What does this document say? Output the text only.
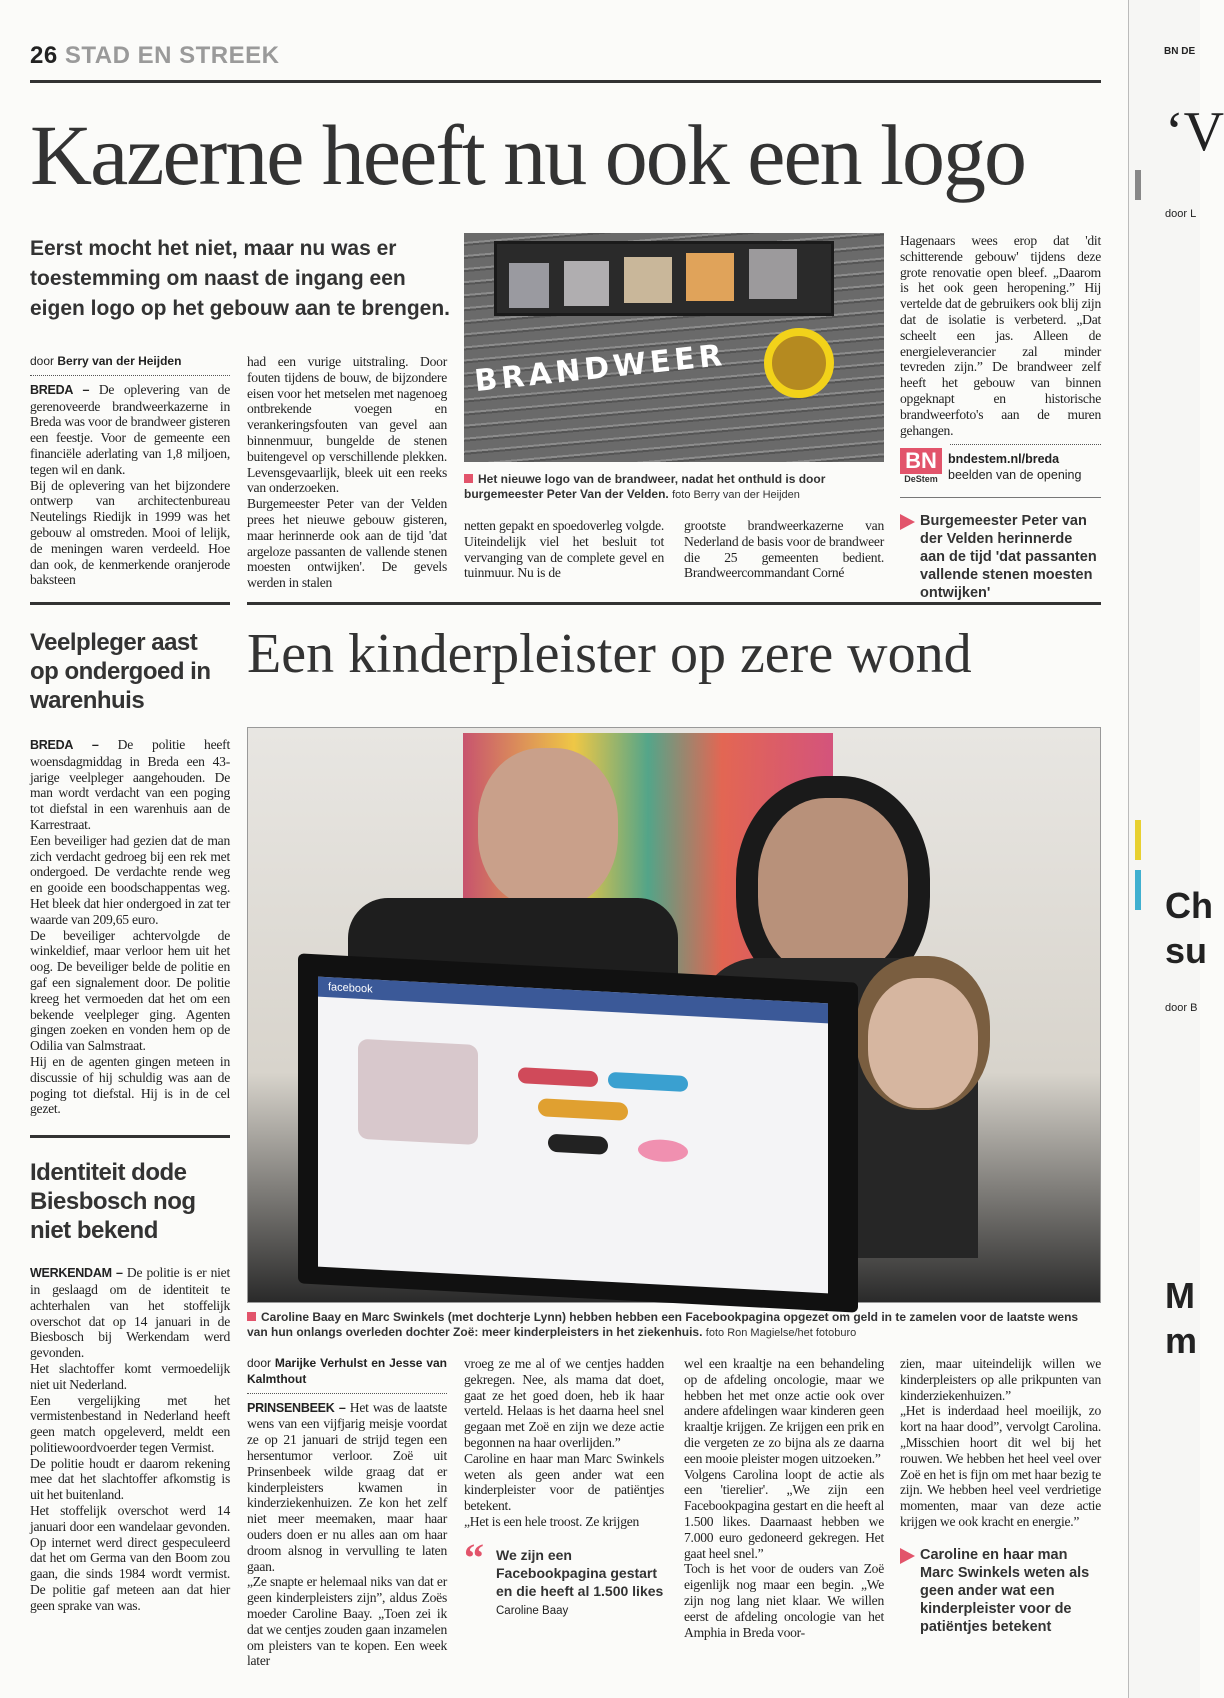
BN DE
‘V
door L
Ch
su
door B
M
m
26 STAD EN STREEK
Kazerne heeft nu ook een logo
Eerst mocht het niet, maar nu was er toestemming om naast de ingang een eigen logo op het gebouw aan te brengen.
door Berry van der Heijden

BREDA – De oplevering van de gerenoveerde brandweerkazerne in Breda was voor de brandweer gisteren een feestje. Voor de gemeente een financiële aderlating van 1,8 miljoen, tegen wil en dank.

Bij de oplevering van het bijzondere ontwerp van architectenbureau Neutelings Riedijk in 1999 was het gebouw al omstreden. Mooi of lelijk, de meningen waren verdeeld. Hoe dan ook, de kenmerkende oranjerode baksteen

had een vurige uitstraling. Door fouten tijdens de bouw, de bijzondere eisen voor het metselen met nagenoeg ontbrekende voegen en verankeringsfouten van gevel aan binnenmuur, bungelde de stenen buitengevel op verschillende plekken. Levensgevaarlijk, bleek uit een reeks van onderzoeken.

Burgemeester Peter van der Velden prees het nieuwe gebouw gisteren, maar herinnerde ook aan de tijd 'dat argeloze passanten de vallende stenen moesten ontwijken'. De gevels werden in stalen

BRANDWEER
Het nieuwe logo van de brandweer, nadat het onthuld is door burgemeester Peter Van der Velden. foto Berry van der Heijden

netten gepakt en spoedoverleg volgde. Uiteindelijk viel het besluit tot vervanging van de complete gevel en tuinmuur. Nu is de

grootste brandweerkazerne van Nederland de basis voor de brandweer die 25 gemeenten bedient. Brandweercommandant Corné

Hagenaars wees erop dat 'dit schitterende gebouw' tijdens deze grote renovatie open bleef. „Daarom is het ook geen heropening.” Hij vertelde dat de gebruikers ook blij zijn dat de isolatie is verbeterd. „Dat scheelt een jas. Alleen de energieleverancier zal minder tevreden zijn.” De brandweer zelf heeft het gebouw van binnen opgeknapt en historische brandweerfoto's aan de muren gehangen.

BN
DeStem
bndestem.nl/breda
beelden van de opening
Burgemeester Peter van der Velden herinnerde aan de tijd 'dat passanten vallende stenen moesten ontwijken'
Veelpleger aast op ondergoed in warenhuis

BREDA – De politie heeft woensdagmiddag in Breda een 43-jarige veelpleger aangehouden. De man wordt verdacht van een poging tot diefstal in een warenhuis aan de Karrestraat.

Een beveiliger had gezien dat de man zich verdacht gedroeg bij een rek met ondergoed. De verdachte rende weg en gooide een boodschappentas weg. Het bleek dat hier ondergoed in zat ter waarde van 209,65 euro.

De beveiliger achtervolgde de winkeldief, maar verloor hem uit het oog. De beveiliger belde de politie en gaf een signalement door. De politie kreeg het vermoeden dat het om een bekende veelpleger ging. Agenten gingen zoeken en vonden hem op de Odilia van Salmstraat.

Hij en de agenten gingen meteen in discussie of hij schuldig was aan de poging tot diefstal. Hij is in de cel gezet.

Identiteit dode Biesbosch nog niet bekend

WERKENDAM – De politie is er niet in geslaagd om de identiteit te achterhalen van het stoffelijk overschot dat op 14 januari in de Biesbosch bij Werkendam werd gevonden.

Het slachtoffer komt vermoedelijk niet uit Nederland.

Een vergelijking met het vermistenbestand in Nederland heeft geen match opgeleverd, meldt een politiewoordvoerder tegen Vermist.

De politie houdt er daarom rekening mee dat het slachtoffer afkomstig is uit het buitenland.

Het stoffelijk overschot werd 14 januari door een wandelaar gevonden. Op internet werd direct gespeculeerd dat het om Germa van den Boom zou gaan, die sinds 1984 wordt vermist. De politie gaf meteen aan dat hier geen sprake van was.

Een kinderpleister op zere wond
facebook
Caroline Baay en Marc Swinkels (met dochterje Lynn) hebben hebben een Facebookpagina opgezet om geld in te zamelen voor de laatste wens van hun onlangs overleden dochter Zoë: meer kinderpleisters in het ziekenhuis. foto Ron Magielse/het fotoburo
door Marijke Verhulst en Jesse van Kalmthout

PRINSENBEEK – Het was de laatste wens van een vijfjarig meisje voordat ze op 21 januari de strijd tegen een hersentumor verloor. Zoë uit Prinsenbeek wilde graag dat er kinderpleisters kwamen in kinderziekenhuizen. Ze kon het zelf niet meer meemaken, maar haar ouders doen er nu alles aan om haar droom alsnog in vervulling te laten gaan.

„Ze snapte er helemaal niks van dat er geen kinderpleisters zijn”, aldus Zoës moeder Caroline Baay. „Toen zei ik dat we centjes zouden gaan inzamelen om pleisters van te kopen. Een week later

vroeg ze me al of we centjes hadden gekregen. Nee, als mama dat doet, gaat ze het goed doen, heb ik haar verteld. Helaas is het daarna heel snel gegaan met Zoë en zijn we deze actie begonnen na haar overlijden.”

Caroline en haar man Marc Swinkels weten als geen ander wat een kinderpleister voor de patiëntjes betekent.

„Het is een hele troost. Ze krijgen

“ We zijn een Facebookpagina gestart en die heeft al 1.500 likes
Caroline Baay

wel een kraaltje na een behandeling op de afdeling oncologie, maar we hebben het met onze actie ook over andere afdelingen waar kinderen geen kraaltje krijgen. Ze krijgen een prik en die vergeten ze zo bijna als ze daarna een mooie pleister mogen uitzoeken.”

Volgens Carolina loopt de actie als een 'tierelier'. „We zijn een Facebookpagina gestart en die heeft al 1.500 likes. Daarnaast hebben we 7.000 euro gedoneerd gekregen. Het gaat heel snel.”

Toch is het voor de ouders van Zoë eigenlijk nog maar een begin. „We zijn nog lang niet klaar. We willen eerst de afdeling oncologie van het Amphia in Breda voor-

zien, maar uiteindelijk willen we kinderpleisters op alle prikpunten van kinderziekenhuizen.”

„Het is inderdaad heel moeilijk, zo kort na haar dood”, vervolgt Carolina. „Misschien hoort dit wel bij het rouwen. We hebben het heel veel over Zoë en het is fijn om met haar bezig te zijn. We hebben heel veel verdrietige momenten, maar van deze actie krijgen we ook kracht en energie.”

Caroline en haar man Marc Swinkels weten als geen ander wat een kinderpleister voor de patiëntjes betekent
